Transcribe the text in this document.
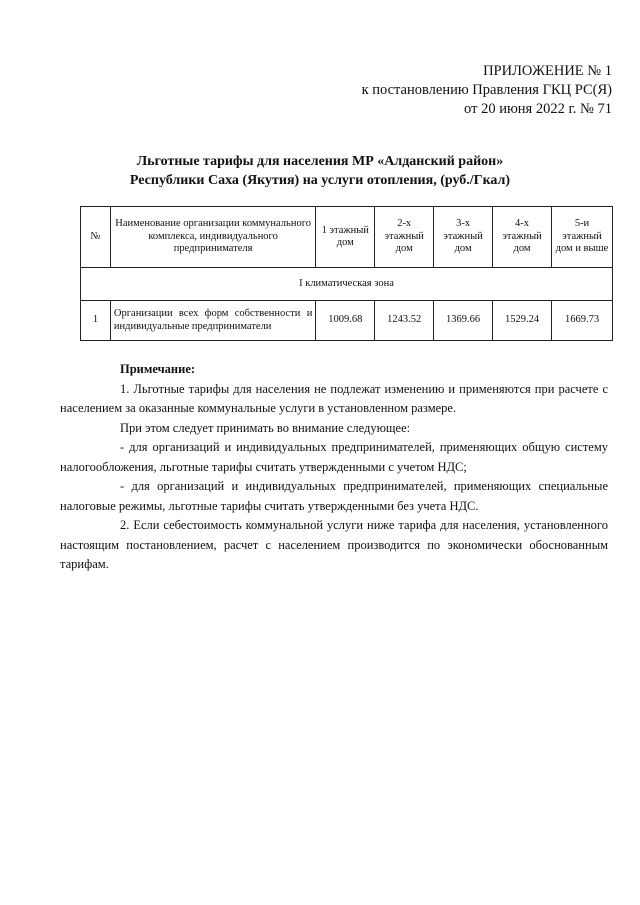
ПРИЛОЖЕНИЕ № 1
к постановлению Правления ГКЦ РС(Я)
от 20 июня 2022 г. № 71
Льготные тарифы для населения МР «Алданский район»
Республики Саха (Якутия) на услуги отопления, (руб./Гкал)
№	Наименование организации коммунального комплекса, индивидуального предпринимателя	1 этажный дом	2-х этажный дом	3-х этажный дом	4-х этажный дом	5-и этажный дом и выше
I климатическая зона						
1	Организации всех форм собственности и индивидуальные предприниматели	1009.68	1243.52	1369.66	1529.24	1669.73

Примечание:

1. Льготные тарифы для населения не подлежат изменению и применяются при расчете с населением за оказанные коммунальные услуги в установленном размере.

При этом следует принимать во внимание следующее:

- для организаций и индивидуальных предпринимателей, применяющих общую систему налогообложения, льготные тарифы считать утвержденными с учетом НДС;

- для организаций и индивидуальных предпринимателей, применяющих специальные налоговые режимы, льготные тарифы считать утвержденными без учета НДС.

2. Если себестоимость коммунальной услуги ниже тарифа для населения, установленного настоящим постановлением, расчет с населением производится по экономически обоснованным тарифам.
